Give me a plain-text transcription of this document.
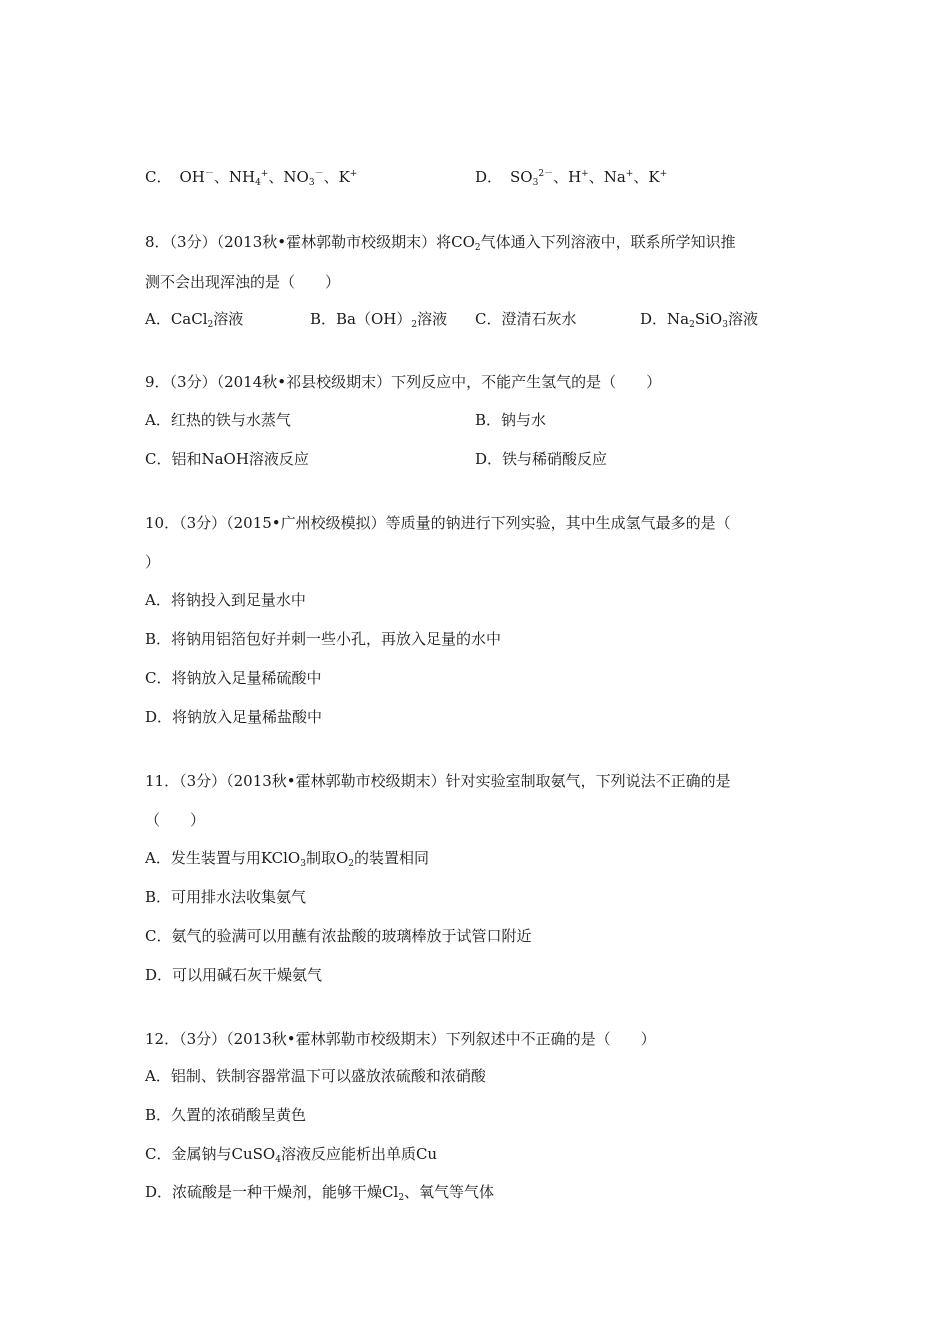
C． OH－、$NH_4^+$、$NO_3^-$、K+	D． $SO_3^{2-}$、H+、Na+、K+
8．（3分）（2013秋•霍林郭勒市校级期末）将$CO_2$气体通入下列溶液中，联系所学知识推
测不会出现浑浊的是（　　）
A．CaCl$_2$溶液	B．$Ba(OH)_2$溶液 C．澄清石灰水	D．$Na_2SiO_3$溶液
9．（3分）（2014秋•祁县校级期末）下列反应中，不能产生氢气的是（　　）
A．红热的铁与水蒸气	B．钠与水
C．铝和NaOH溶液反应	D．铁与稀硝酸反应
10．（3分）（2015•广州校级模拟）等质量的钠进行下列实验，其中生成氢气最多的是（
）
A．将钠投入到足量水中
B．将钠用铝箔包好并刺一些小孔，再放入足量的水中
C．将钠放入足量稀硫酸中
D．将钠放入足量稀盐酸中
11．（3分）（2013秋•霍林郭勒市校级期末）针对实验室制取氨气，下列说法不正确的是
（　　）
A．发生装置与用KClO$_3$制取$O_2$的装置相同
B．可用排水法收集氨气
C．氨气的验满可以用蘸有浓盐酸的玻璃棒放于试管口附近
D．可以用碱石灰干燥氨气
12．（3分）（2013秋•霍林郭勒市校级期末）下列叙述中不正确的是（　　）
A．铝制、铁制容器常温下可以盛放浓硫酸和浓硝酸
B．久置的浓硝酸呈黄色
C．金属钠与CuSO$_4$溶液反应能析出单质Cu
D．浓硫酸是一种干燥剂，能够干燥$Cl_2$、氧气等气体
